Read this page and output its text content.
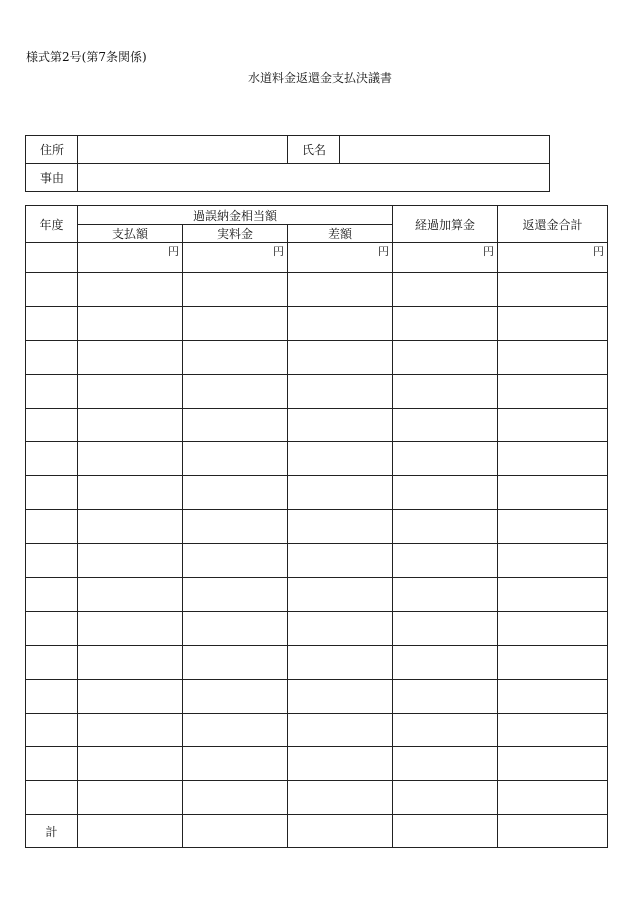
様式第2号(第7条関係)
水道料金返還金支払決議書
住所		氏名	
事由			
年度	過誤納金相当額			経過加算金	返還金合計
	支払額	実料金	差額		
	円	円	円	円	円

計					
